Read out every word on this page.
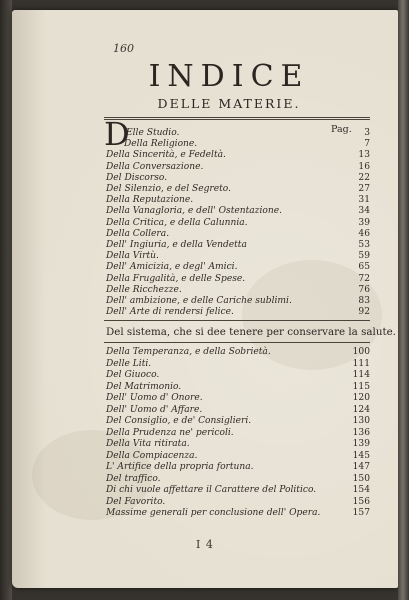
160
INDICE
DELLE MATERIE.
D	Pag.
Elle Studio.	3
Della Religione.	7
Della Sincerità, e Fedeltà.	13
Della Conversazione.	16
Del Discorso.	22
Del Silenzio, e del Segreto.	27
Della Reputazione.	31
Della Vanagloria, e dell' Ostentazione.	34
Della Critica, e della Calunnia.	39
Della Collera.	46
Dell' Ingiuria, e della Vendetta	53
Della Virtù.	59
Dell' Amicizia, e degl' Amici.	65
Della Frugalità, e delle Spese.	72
Delle Ricchezze.	76
Dell' ambizione, e delle Cariche sublimi.	83
Dell' Arte di rendersi felice.	92
Del sistema, che si dee tenere per conservare la salute.
Della Temperanza, e della Sobrietà.	100
Delle Liti.	111
Del Giuoco.	114
Del Matrimonio.	115
Dell' Uomo d' Onore.	120
Dell' Uomo d' Affare.	124
Del Consiglio, e de' Consiglieri.	130
Della Prudenza ne' pericoli.	136
Della Vita ritirata.	139
Della Compiacenza.	145
L' Artifice della propria fortuna.	147
Del traffico.	150
Di chi vuole affettare il Carattere del Politico.	154
Del Favorito.	156
Massime generali per conclusione dell' Opera.	157
I 4
